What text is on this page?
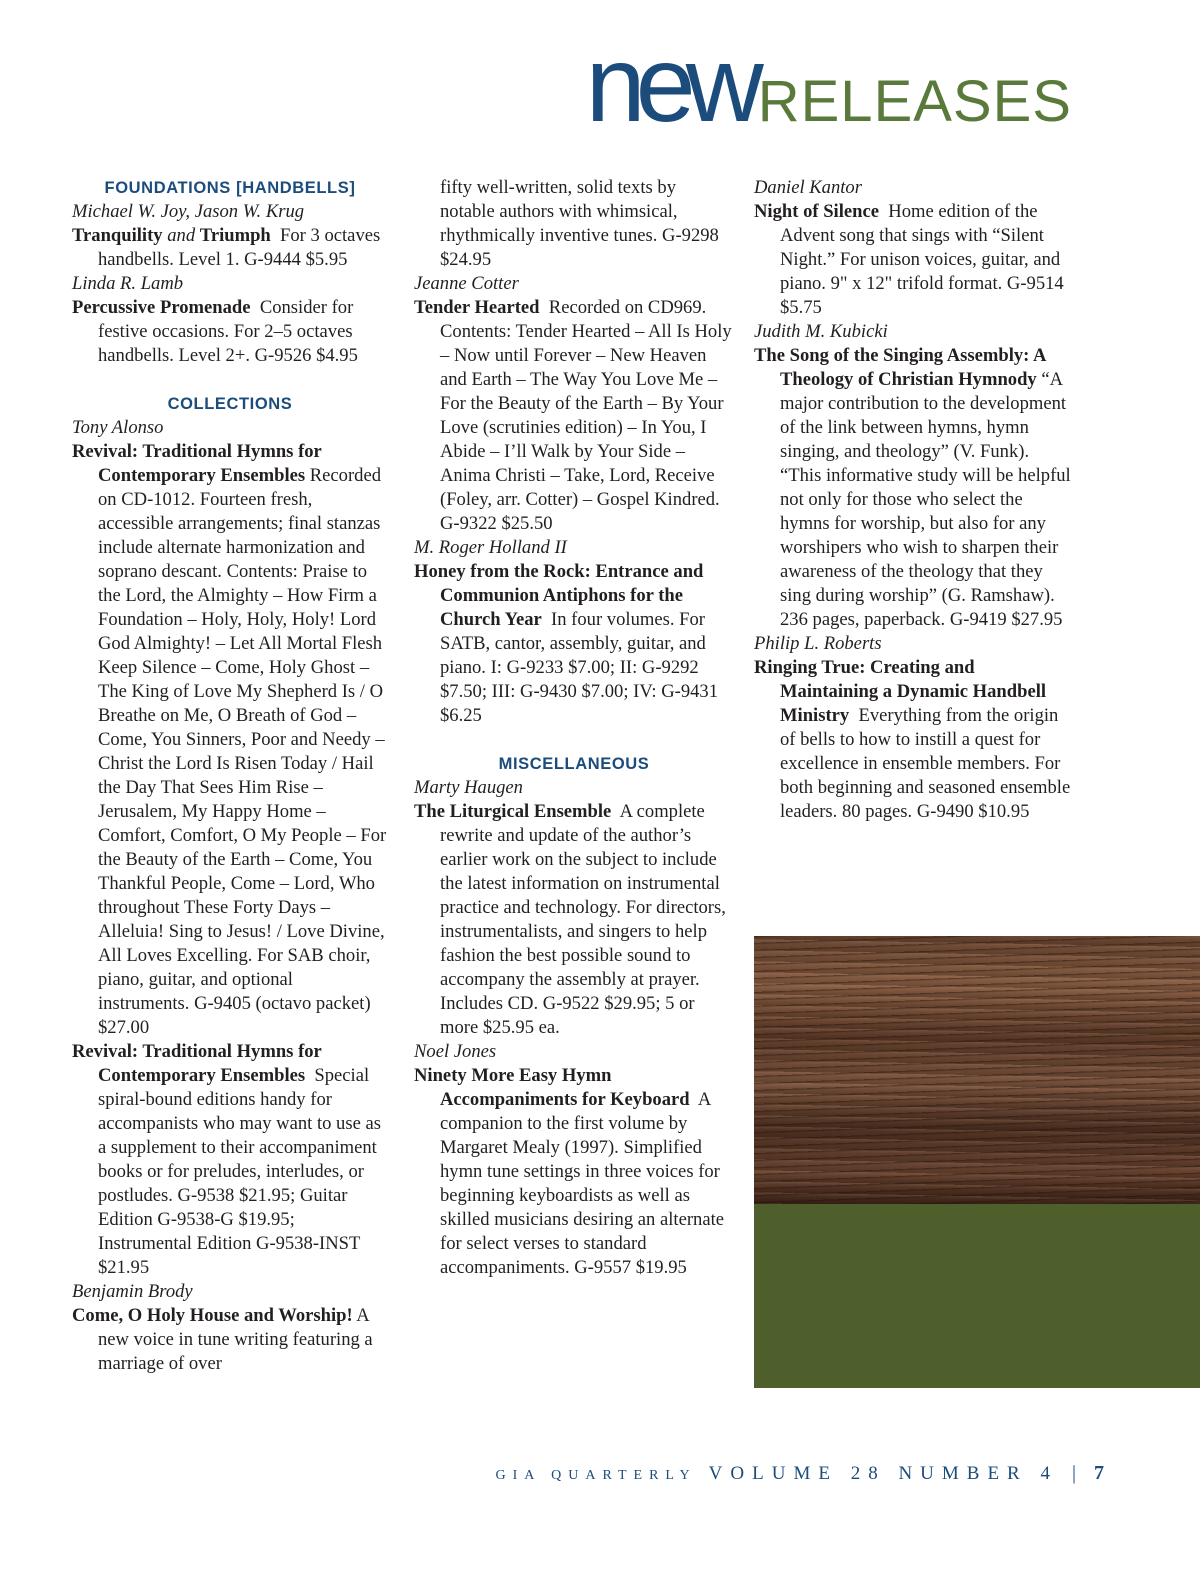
newRELEASES

FOUNDATIONS [HANDBELLS]

Michael W. Joy, Jason W. Krug

Tranquility and Triumph For 3 octaves handbells. Level 1. G-9444 $5.95

Linda R. Lamb

Percussive Promenade Consider for festive occasions. For 2–5 octaves handbells. Level 2+. G-9526 $4.95

COLLECTIONS

Tony Alonso

Revival: Traditional Hymns for Contemporary Ensembles Recorded on CD-1012. Fourteen fresh, accessible arrangements; final stanzas include alternate harmonization and soprano descant. Contents: Praise to the Lord, the Almighty – How Firm a Foundation – Holy, Holy, Holy! Lord God Almighty! – Let All Mortal Flesh Keep Silence – Come, Holy Ghost – The King of Love My Shepherd Is / O Breathe on Me, O Breath of God – Come, You Sinners, Poor and Needy – Christ the Lord Is Risen Today / Hail the Day That Sees Him Rise – Jerusalem, My Happy Home – Comfort, Comfort, O My People – For the Beauty of the Earth – Come, You Thankful People, Come – Lord, Who throughout These Forty Days – Alleluia! Sing to Jesus! / Love Divine, All Loves Excelling. For SAB choir, piano, guitar, and optional instruments. G-9405 (octavo packet) $27.00

Revival: Traditional Hymns for Contemporary Ensembles Special spiral-bound editions handy for accompanists who may want to use as a supplement to their accompaniment books or for preludes, interludes, or postludes. G-9538 $21.95; Guitar Edition G-9538-G $19.95; Instrumental Edition G-9538-INST $21.95

Benjamin Brody

Come, O Holy House and Worship! A new voice in tune writing featuring a marriage of over

fifty well-written, solid texts by notable authors with whimsical, rhythmically inventive tunes. G-9298 $24.95

Jeanne Cotter

Tender Hearted Recorded on CD969. Contents: Tender Hearted – All Is Holy – Now until Forever – New Heaven and Earth – The Way You Love Me – For the Beauty of the Earth – By Your Love (scrutinies edition) – In You, I Abide – I’ll Walk by Your Side – Anima Christi – Take, Lord, Receive (Foley, arr. Cotter) – Gospel Kindred. G-9322 $25.50

M. Roger Holland II

Honey from the Rock: Entrance and Communion Antiphons for the Church Year In four volumes. For SATB, cantor, assembly, guitar, and piano. I: G-9233 $7.00; II: G-9292 $7.50; III: G-9430 $7.00; IV: G-9431 $6.25

MISCELLANEOUS

Marty Haugen

The Liturgical Ensemble A complete rewrite and update of the author’s earlier work on the subject to include the latest information on instrumental practice and technology. For directors, instrumentalists, and singers to help fashion the best possible sound to accompany the assembly at prayer. Includes CD. G-9522 $29.95; 5 or more $25.95 ea.

Noel Jones

Ninety More Easy Hymn Accompaniments for Keyboard A companion to the first volume by Margaret Mealy (1997). Simplified hymn tune settings in three voices for beginning keyboardists as well as skilled musicians desiring an alternate for select verses to standard accompaniments. G-9557 $19.95

Daniel Kantor

Night of Silence Home edition of the Advent song that sings with “Silent Night.” For unison voices, guitar, and piano. 9" x 12" trifold format. G-9514 $5.75

Judith M. Kubicki

The Song of the Singing Assembly: A Theology of Christian Hymnody “A major contribution to the development of the link between hymns, hymn singing, and theology” (V. Funk). “This informative study will be helpful not only for those who select the hymns for worship, but also for any worshipers who wish to sharpen their awareness of the theology that they sing during worship” (G. Ramshaw). 236 pages, paperback. G-9419 $27.95

Philip L. Roberts

Ringing True: Creating and Maintaining a Dynamic Handbell Ministry Everything from the origin of bells to how to instill a quest for excellence in ensemble members. For both beginning and seasoned ensemble leaders. 80 pages. G-9490 $10.95

GIA QUARTERLY VOLUME 28 NUMBER 4 | 7
